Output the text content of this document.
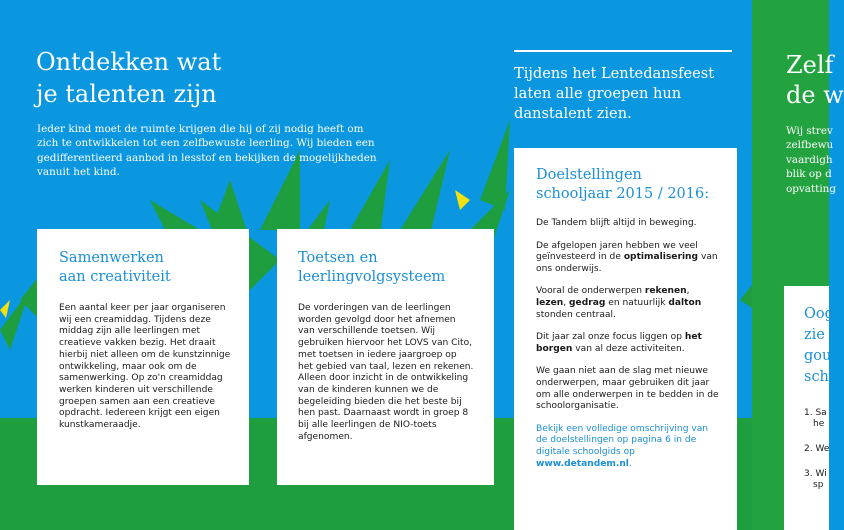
Ontdekken wat
je talenten zijn
Ieder kind moet de ruimte krijgen die hij of zij nodig heeft om zich te ontwikkelen tot een zelfbewuste leerling. Wij bieden een gedifferentieerd aanbod in lesstof en bekijken de mogelijkheden vanuit het kind.
Samenwerken
aan creativiteit
Een aantal keer per jaar organiseren wij een creamiddag. Tijdens deze middag zijn alle leerlingen met creatieve vakken bezig. Het draait hierbij niet alleen om de kunstzinnige ontwikkeling, maar ook om de samenwerking. Op zo'n creamiddag werken kinderen uit verschillende groepen samen aan een creatieve opdracht. Iedereen krijgt een eigen kunstkameraadje.
Toetsen en
leerlingvolgsysteem
De vorderingen van de leerlingen worden gevolgd door het afnemen van verschillende toetsen. Wij gebruiken hiervoor het LOVS van Cito, met toetsen in iedere jaargroep op het gebied van taal, lezen en rekenen. Alleen door inzicht in de ontwikkeling van de kinderen kunnen we de begeleiding bieden die het beste bij hen past. Daarnaast wordt in groep 8 bij alle leerlingen de NIO-toets afgenomen.
Tijdens het Lentedansfeest laten alle groepen hun danstalent zien.
Doelstellingen
schooljaar 2015 / 2016:

De Tandem blijft altijd in beweging.

De afgelopen jaren hebben we veel geïnvesteerd in de optimalisering van ons onderwijs.

Vooral de onderwerpen rekenen, lezen, gedrag en natuurlijk dalton stonden centraal.

Dit jaar zal onze focus liggen op het borgen van al deze activiteiten.

We gaan niet aan de slag met nieuwe onderwerpen, maar gebruiken dit jaar om alle onderwerpen in te bedden in de schoolorganisatie.

Bekijk een volledige omschrijving van de doelstellingen op pagina 6 in de digitale schoolgids op www.detandem.nl.

Zelf
de w
Wij strev
zelfbewu
vaardigh
blik op d
opvatting
Oog
zie
gou
sch
1. Sa
he
2. We
3. Wi
sp
